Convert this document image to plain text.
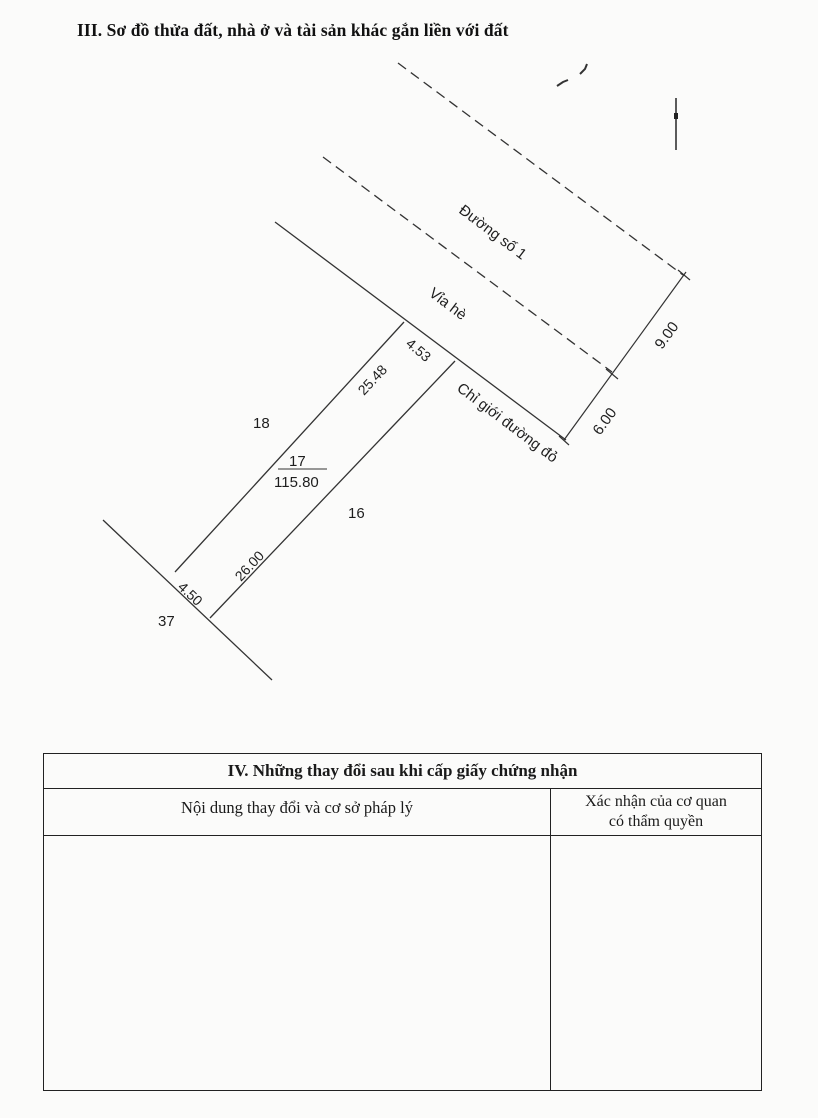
III. Sơ đồ thửa đất, nhà ở và tài sản khác gắn liền với đất
Đường số 1
Vỉa hè
Chỉ giới đường đỏ
9.00
6.00
4.53
25.48
26.00
4.50
17
115.80
18
16
37
IV. Những thay đổi sau khi cấp giấy chứng nhận
Nội dung thay đổi và cơ sở pháp lý	Xác nhận của cơ quan
có thẩm quyền
